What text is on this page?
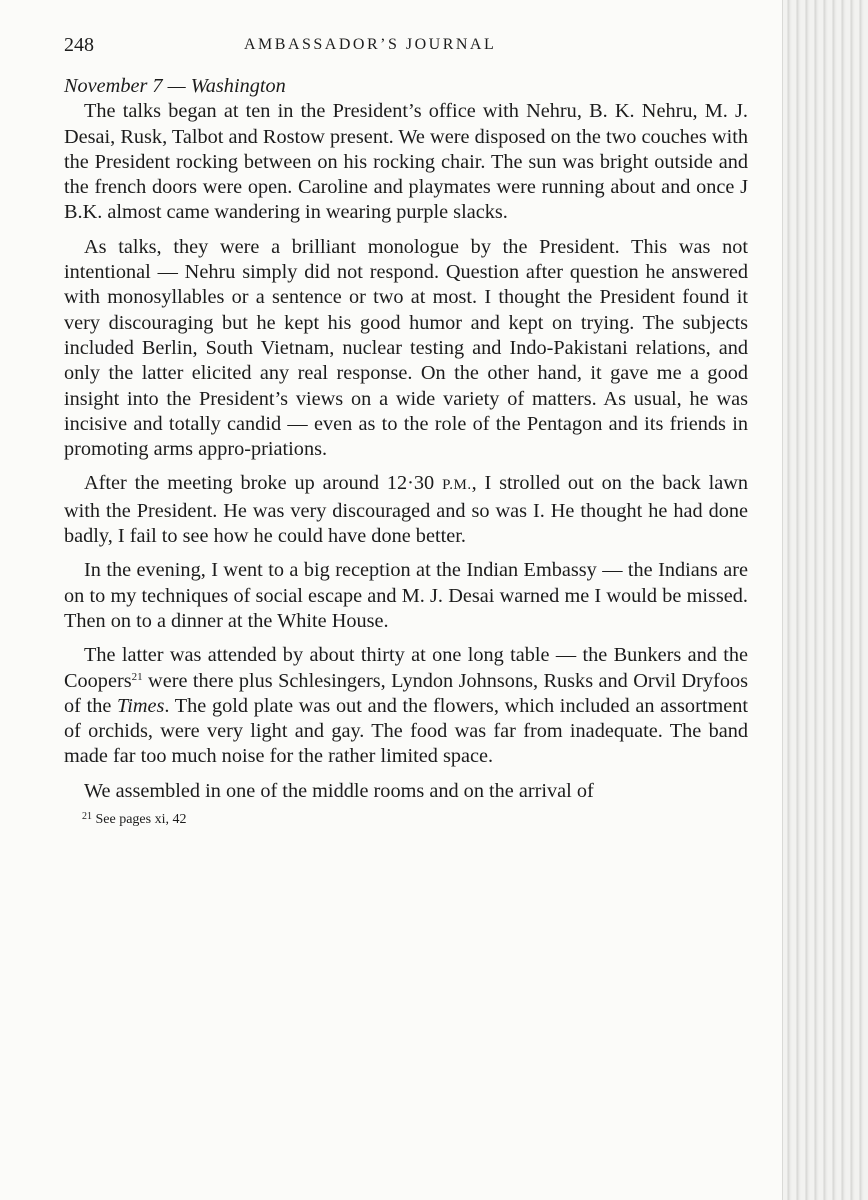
248	AMBASSADOR’S JOURNAL

November 7 — Washington

The talks began at ten in the President’s office with Nehru, B. K. Nehru, M. J. Desai, Rusk, Talbot and Rostow present. We were disposed on the two couches with the President rocking between on his rocking chair. The sun was bright outside and the french doors were open. Caroline and playmates were running about and once J B.K. almost came wandering in wearing purple slacks.

As talks, they were a brilliant monologue by the President. This was not intentional — Nehru simply did not respond. Question after question he answered with monosyllables or a sentence or two at most. I thought the President found it very discouraging but he kept his good humor and kept on trying. The subjects included Berlin, South Vietnam, nuclear testing and Indo-Pakistani relations, and only the latter elicited any real response. On the other hand, it gave me a good insight into the President’s views on a wide variety of matters. As usual, he was incisive and totally candid — even as to the role of the Pentagon and its friends in promoting arms appro-priations.

After the meeting broke up around 12·30 P.M., I strolled out on the back lawn with the President. He was very discouraged and so was I. He thought he had done badly, I fail to see how he could have done better.

In the evening, I went to a big reception at the Indian Embassy — the Indians are on to my techniques of social escape and M. J. Desai warned me I would be missed. Then on to a dinner at the White House.

The latter was attended by about thirty at one long table — the Bunkers and the Coopers$^{21}$ were there plus Schlesingers, Lyndon Johnsons, Rusks and Orvil Dryfoos of the Times. The gold plate was out and the flowers, which included an assortment of orchids, were very light and gay. The food was far from inadequate. The band made far too much noise for the rather limited space.

We assembled in one of the middle rooms and on the arrival of

$^{21}$ See pages xi, 42
